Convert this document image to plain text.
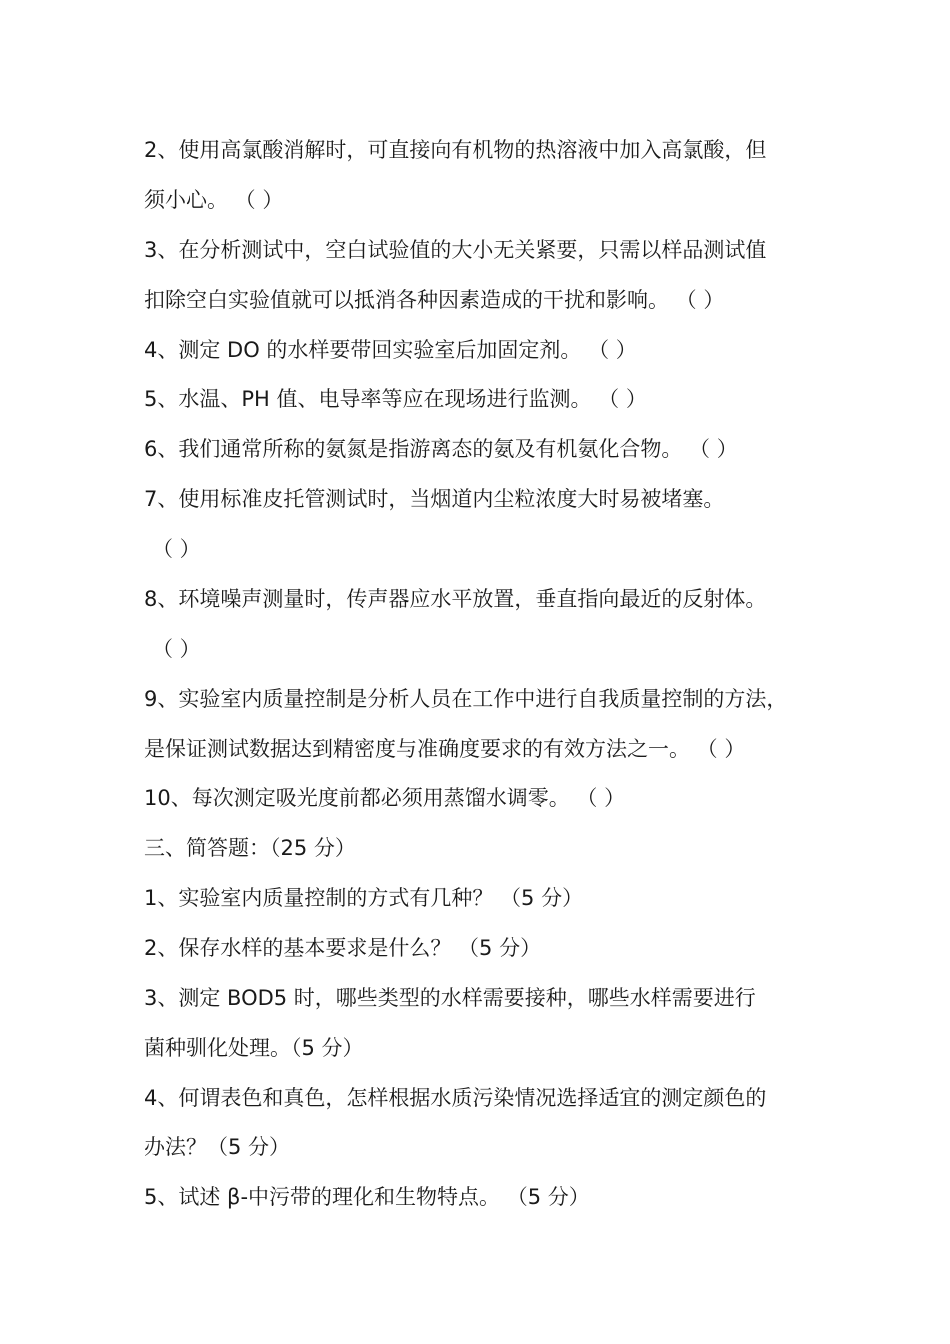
2、使用高氯酸消解时，可直接向有机物的热溶液中加入高氯酸，但
须小心。 （ ）
3、在分析测试中，空白试验值的大小无关紧要，只需以样品测试值
扣除空白实验值就可以抵消各种因素造成的干扰和影响。 （ ）
4、测定 DO 的水样要带回实验室后加固定剂。 （ ）
5、水温、PH 值、电导率等应在现场进行监测。 （ ）
6、我们通常所称的氨氮是指游离态的氨及有机氨化合物。 （ ）
7、使用标准皮托管测试时，当烟道内尘粒浓度大时易被堵塞。
（ ）
8、环境噪声测量时，传声器应水平放置，垂直指向最近的反射体。
（ ）
9、实验室内质量控制是分析人员在工作中进行自我质量控制的方法，
是保证测试数据达到精密度与准确度要求的有效方法之一。 （ ）
10、每次测定吸光度前都必须用蒸馏水调零。 （ ）
三、简答题：（25 分）
1、实验室内质量控制的方式有几种？ （5 分）
2、保存水样的基本要求是什么？ （5 分）
3、测定 BOD5 时，哪些类型的水样需要接种，哪些水样需要进行
菌种驯化处理。（5 分）
4、何谓表色和真色，怎样根据水质污染情况选择适宜的测定颜色的
办法？（5 分）
5、试述 β-中污带的理化和生物特点。 （5 分）
